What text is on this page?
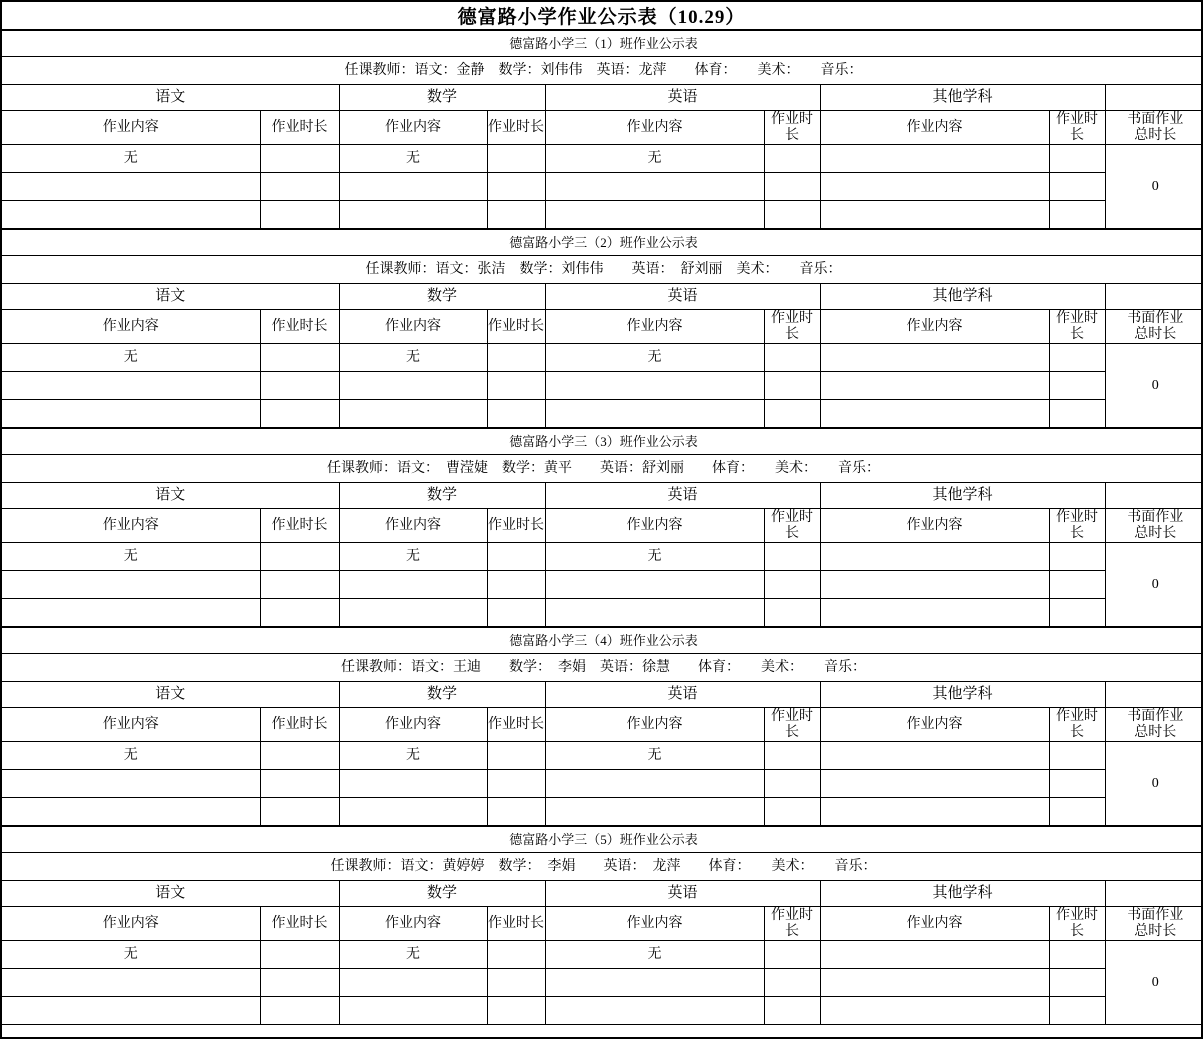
德富路小学作业公示表（10.29）
德富路小学三（1）班作业公示表								
任课教师：语文：金静　数学：刘伟伟　英语：龙萍　　体育：　　美术：　　音乐：								
语文		数学		英语		其他学科		
作业内容	作业时长	作业内容	作业时长	作业内容	作业时长	作业内容	作业时长	书面作业总时长
无		无		无				0

德富路小学三（2）班作业公示表								
任课教师：语文：张洁　数学：刘伟伟　　英语：　舒刘丽　美术：　　音乐：								
语文		数学		英语		其他学科		
作业内容	作业时长	作业内容	作业时长	作业内容	作业时长	作业内容	作业时长	书面作业总时长
无		无		无				0

德富路小学三（3）班作业公示表								
任课教师：语文：　曹滢婕　数学：黄平　　英语：舒刘丽　　体育：　　美术：　　音乐：								
语文		数学		英语		其他学科		
作业内容	作业时长	作业内容	作业时长	作业内容	作业时长	作业内容	作业时长	书面作业总时长
无		无		无				0

德富路小学三（4）班作业公示表								
任课教师：语文：王迪　　数学：　李娟　英语：徐慧　　体育：　　美术：　　音乐：								
语文		数学		英语		其他学科		
作业内容	作业时长	作业内容	作业时长	作业内容	作业时长	作业内容	作业时长	书面作业总时长
无		无		无				0

德富路小学三（5）班作业公示表								
任课教师：语文：黄婷婷　数学：　李娟　　英语：　龙萍　　体育：　　美术：　　音乐：								
语文		数学		英语		其他学科		
作业内容	作业时长	作业内容	作业时长	作业内容	作业时长	作业内容	作业时长	书面作业总时长
无		无		无				0
